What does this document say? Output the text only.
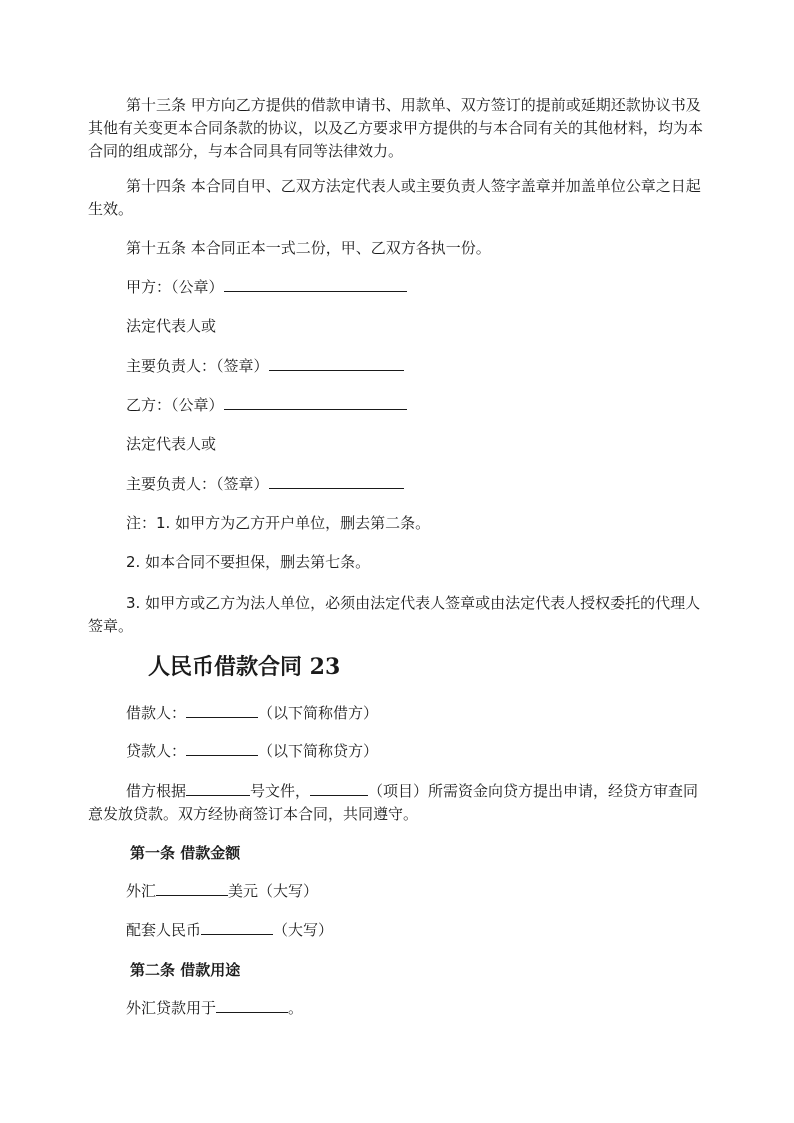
第十三条 甲方向乙方提供的借款申请书、用款单、双方签订的提前或延期还款协议书及其他有关变更本合同条款的协议，以及乙方要求甲方提供的与本合同有关的其他材料，均为本合同的组成部分，与本合同具有同等法律效力。

第十四条 本合同自甲、乙双方法定代表人或主要负责人签字盖章并加盖单位公章之日起生效。

第十五条 本合同正本一式二份，甲、乙双方各执一份。

甲方：（公章）
法定代表人或
主要负责人：（签章）
乙方：（公章）
法定代表人或
主要负责人：（签章）
注：1. 如甲方为乙方开户单位，删去第二条。
2. 如本合同不要担保，删去第七条。

3. 如甲方或乙方为法人单位，必须由法定代表人签章或由法定代表人授权委托的代理人签章。

人民币借款合同 23
借款人：	（以下简称借方）
贷款人：	（以下简称贷方）

借方根据	号文件，	（项目）所需资金向贷方提出申请，经贷方审查同意发放贷款。双方经协商签订本合同，共同遵守。

第一条 借款金额
外汇	美元（大写）
配套人民币	（大写）
第二条 借款用途
外汇贷款用于	。
